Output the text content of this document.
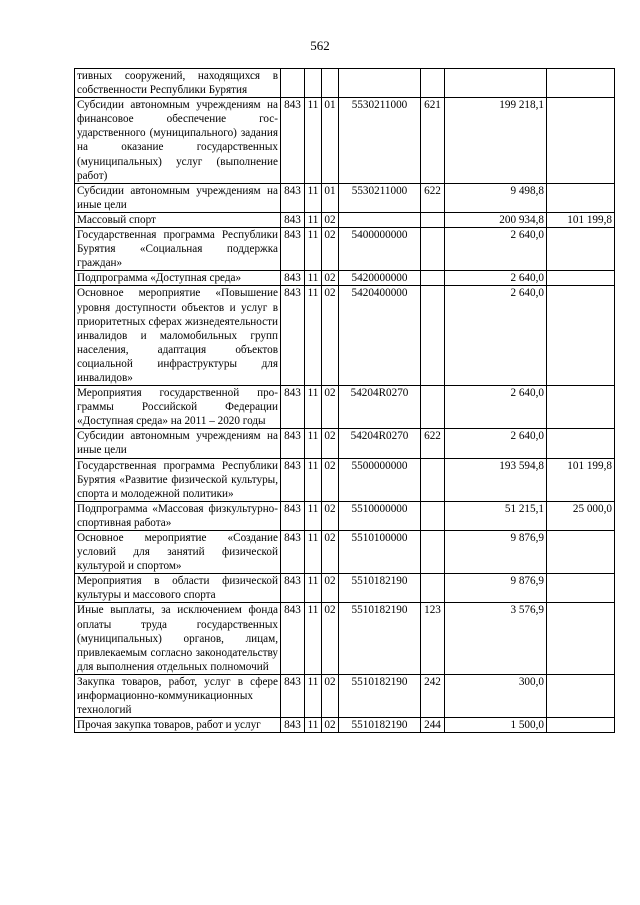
562
тивных сооружений, находящихся в собственности Республики Бурятия							
Субсидии автономным учреждениям на финансовое обеспечение государственного (муниципального) задания на оказание государственных (муниципальных) услуг (выполнение работ)	843	11	01	5530211000	621	199 218,1	
Субсидии автономным учреждениям на иные цели	843	11	01	5530211000	622	9 498,8	
Массовый спорт	843	11	02			200 934,8	101 199,8
Государственная программа Республики Бурятия «Социальная поддержка граждан»	843	11	02	5400000000		2 640,0	
Подпрограмма «Доступная среда»	843	11	02	5420000000		2 640,0	
Основное мероприятие «Повышение уровня доступности объектов и услуг в приоритетных сферах жизнедеятельности инвалидов и маломобильных групп населения, адаптация объектов социальной инфраструктуры для инвалидов»	843	11	02	5420400000		2 640,0	
Мероприятия государственной программы Российской Федерации «Доступная среда» на 2011 – 2020 годы	843	11	02	54204R0270		2 640,0	
Субсидии автономным учреждениям на иные цели	843	11	02	54204R0270	622	2 640,0	
Государственная программа Республики Бурятия «Развитие физической культуры, спорта и молодежной политики»	843	11	02	5500000000		193 594,8	101 199,8
Подпрограмма «Массовая физкультурно-спортивная работа»	843	11	02	5510000000		51 215,1	25 000,0
Основное мероприятие «Создание условий для занятий физической культурой и спортом»	843	11	02	5510100000		9 876,9	
Мероприятия в области физической культуры и массового спорта	843	11	02	5510182190		9 876,9	
Иные выплаты, за исключением фонда оплаты труда государственных (муниципальных) органов, лицам, привлекаемым согласно законодательству для выполнения отдельных полномочий	843	11	02	5510182190	123	3 576,9	
Закупка товаров, работ, услуг в сфере информационно-коммуникационных технологий	843	11	02	5510182190	242	300,0	
Прочая закупка товаров, работ и услуг	843	11	02	5510182190	244	1 500,0	
